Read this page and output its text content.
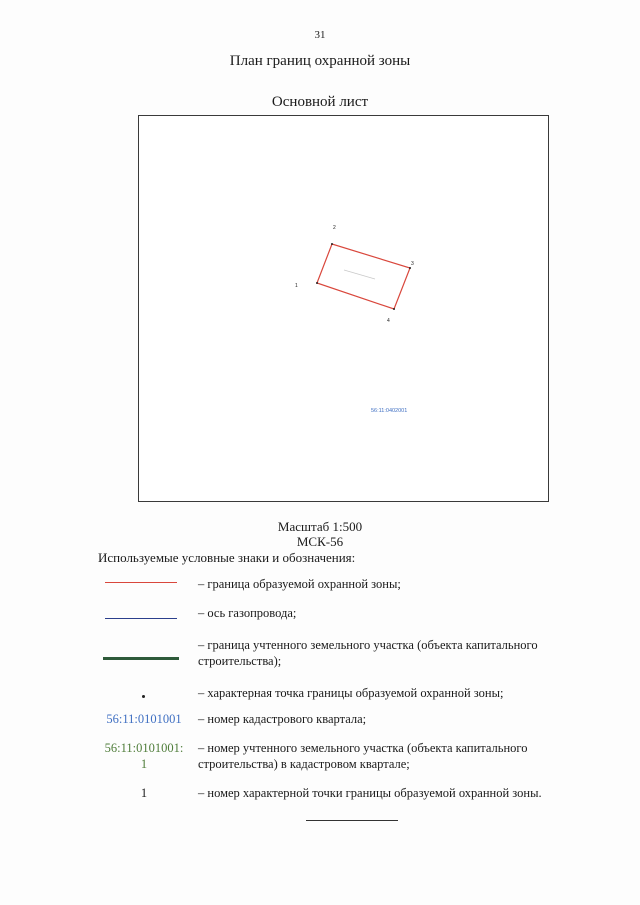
31
План границ охранной зоны
Основной лист
1
2
3
4
56:11:0402001
Масштаб 1:500
МСК-56
Используемые условные знаки и обозначения:
– граница образуемой охранной зоны;
– ось газопровода;
– граница учтенного земельного участка (объекта капитального строительства);
– характерная точка границы образуемой охранной зоны;
56:11:0101001	– номер кадастрового квартала;
56:11:0101001:
1
– номер учтенного земельного участка (объекта капитального строительства) в кадастровом квартале;
1	– номер характерной точки границы образуемой охранной зоны.
